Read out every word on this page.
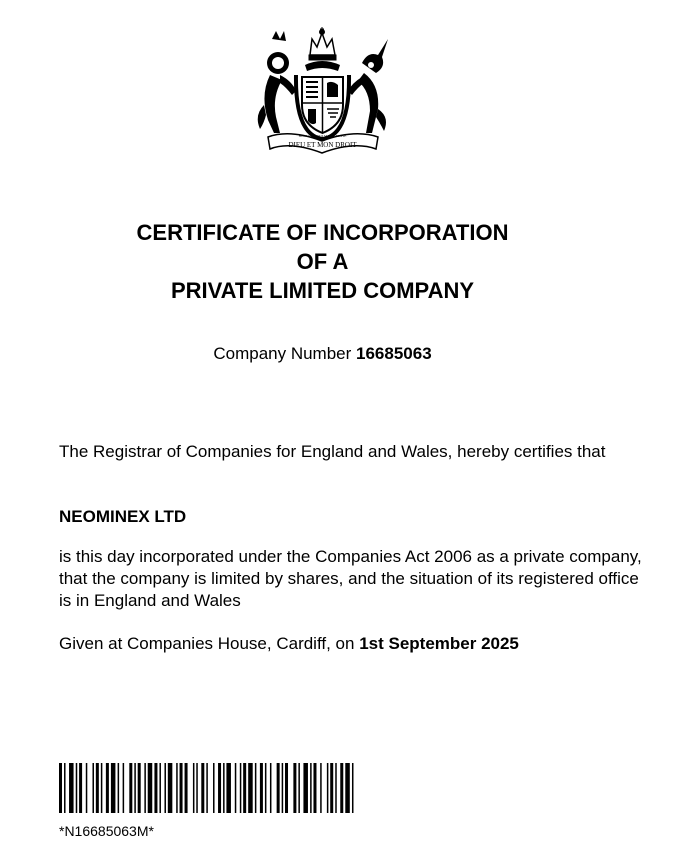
DIEU ET MON DROIT
HONI SOIT QUI MAL Y PENSE
CERTIFICATE OF INCORPORATION
OF A
PRIVATE LIMITED COMPANY
Company Number 16685063

The Registrar of Companies for England and Wales, hereby certifies that

NEOMINEX LTD

is this day incorporated under the Companies Act 2006 as a private company, that the company is limited by shares, and the situation of its registered office is in England and Wales

Given at Companies House, Cardiff, on 1st September 2025

*N16685063M*
